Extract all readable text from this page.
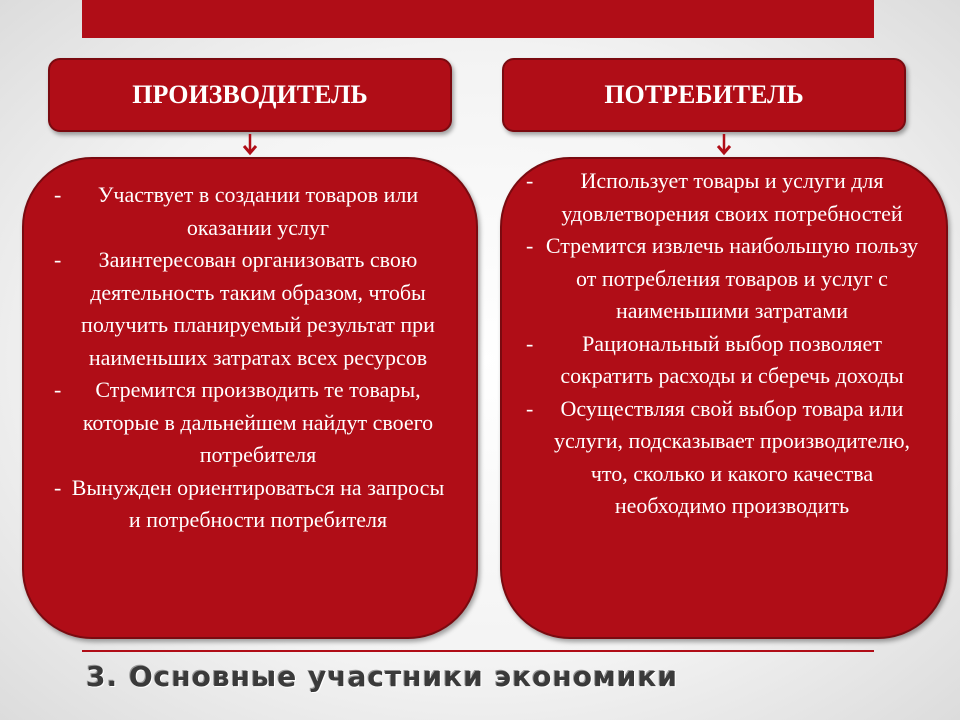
ПРОИЗВОДИТЕЛЬ	ПОТРЕБИТЕЛЬ
- Участвует в создании товаров или оказании услуг
- Заинтересован организовать свою деятельность таким образом, чтобы получить планируемый результат при наименьших затратах всех ресурсов
- Стремится производить те товары, которые в дальнейшем найдут своего потребителя
- Вынужден ориентироваться на запросы и потребности потребителя
- Использует товары и услуги для удовлетворения своих потребностей
- Стремится извлечь наибольшую пользу от потребления товаров и услуг с наименьшими затратами
- Рациональный выбор позволяет сократить расходы и сберечь доходы
- Осуществляя свой выбор товара или услуги, подсказывает производителю, что, сколько и какого качества необходимо производить
3. Основные участники экономики
